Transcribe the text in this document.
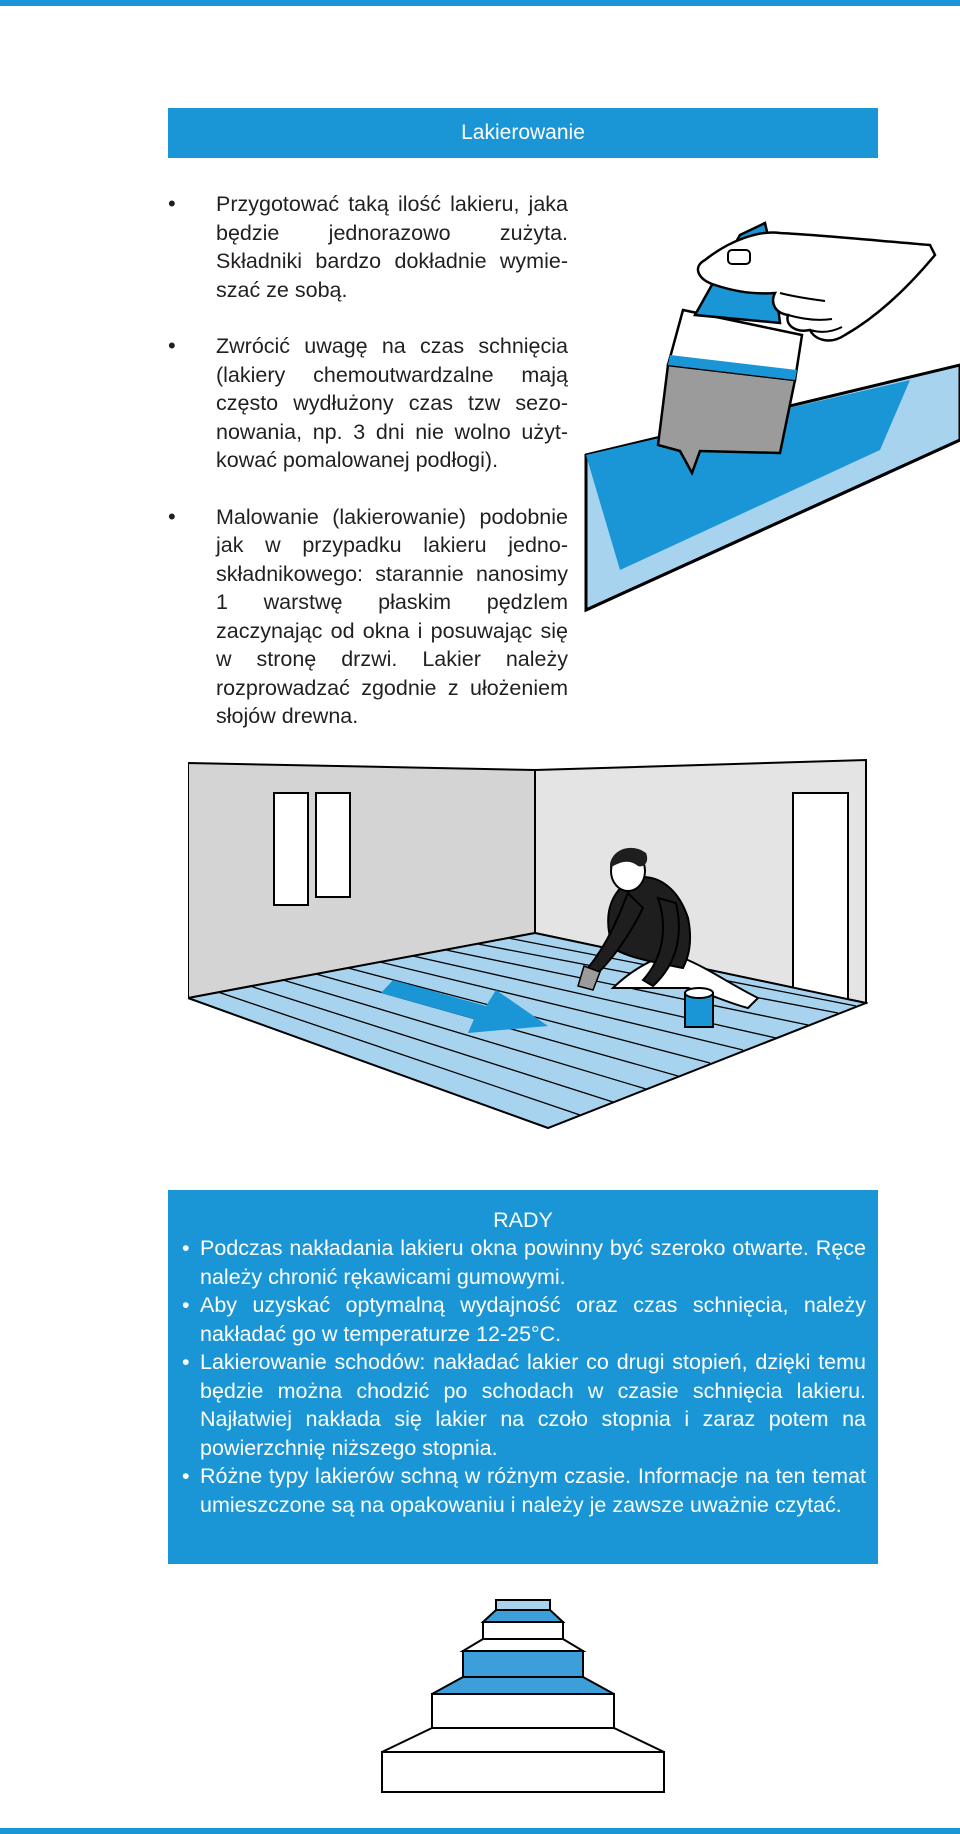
Lakierowanie
• Przygotować taką ilość lakieru, jaka będzie jednorazowo zużyta. Składniki bardzo dokładnie wymieszać ze sobą.
• Zwrócić uwagę na czas schnięcia (lakiery chemoutwardzalne mają często wydłużony czas tzw sezonowania, np. 3 dni nie wolno użytkować pomalowanej podłogi).
• Malowanie (lakierowanie) podobnie jak w przypadku lakieru jednoskładnikowego: starannie nanosimy 1 warstwę płaskim pędzlem zaczynając od okna i posuwając się w stronę drzwi. Lakier należy rozprowadzać zgodnie z ułożeniem słojów drewna.
RADY
• Podczas nakładania lakieru okna powinny być szeroko otwarte. Ręce należy chronić rękawicami gumowymi.
• Aby uzyskać optymalną wydajność oraz czas schnięcia, należy nakładać go w temperaturze 12-25°C.
• Lakierowanie schodów: nakładać lakier co drugi stopień, dzięki temu będzie można chodzić po schodach w czasie schnięcia lakieru. Najłatwiej nakłada się lakier na czoło stopnia i zaraz potem na powierzchnię niższego stopnia.
• Różne typy lakierów schną w różnym czasie. Informacje na ten temat umieszczone są na opakowaniu i należy je zawsze uważnie czytać.
